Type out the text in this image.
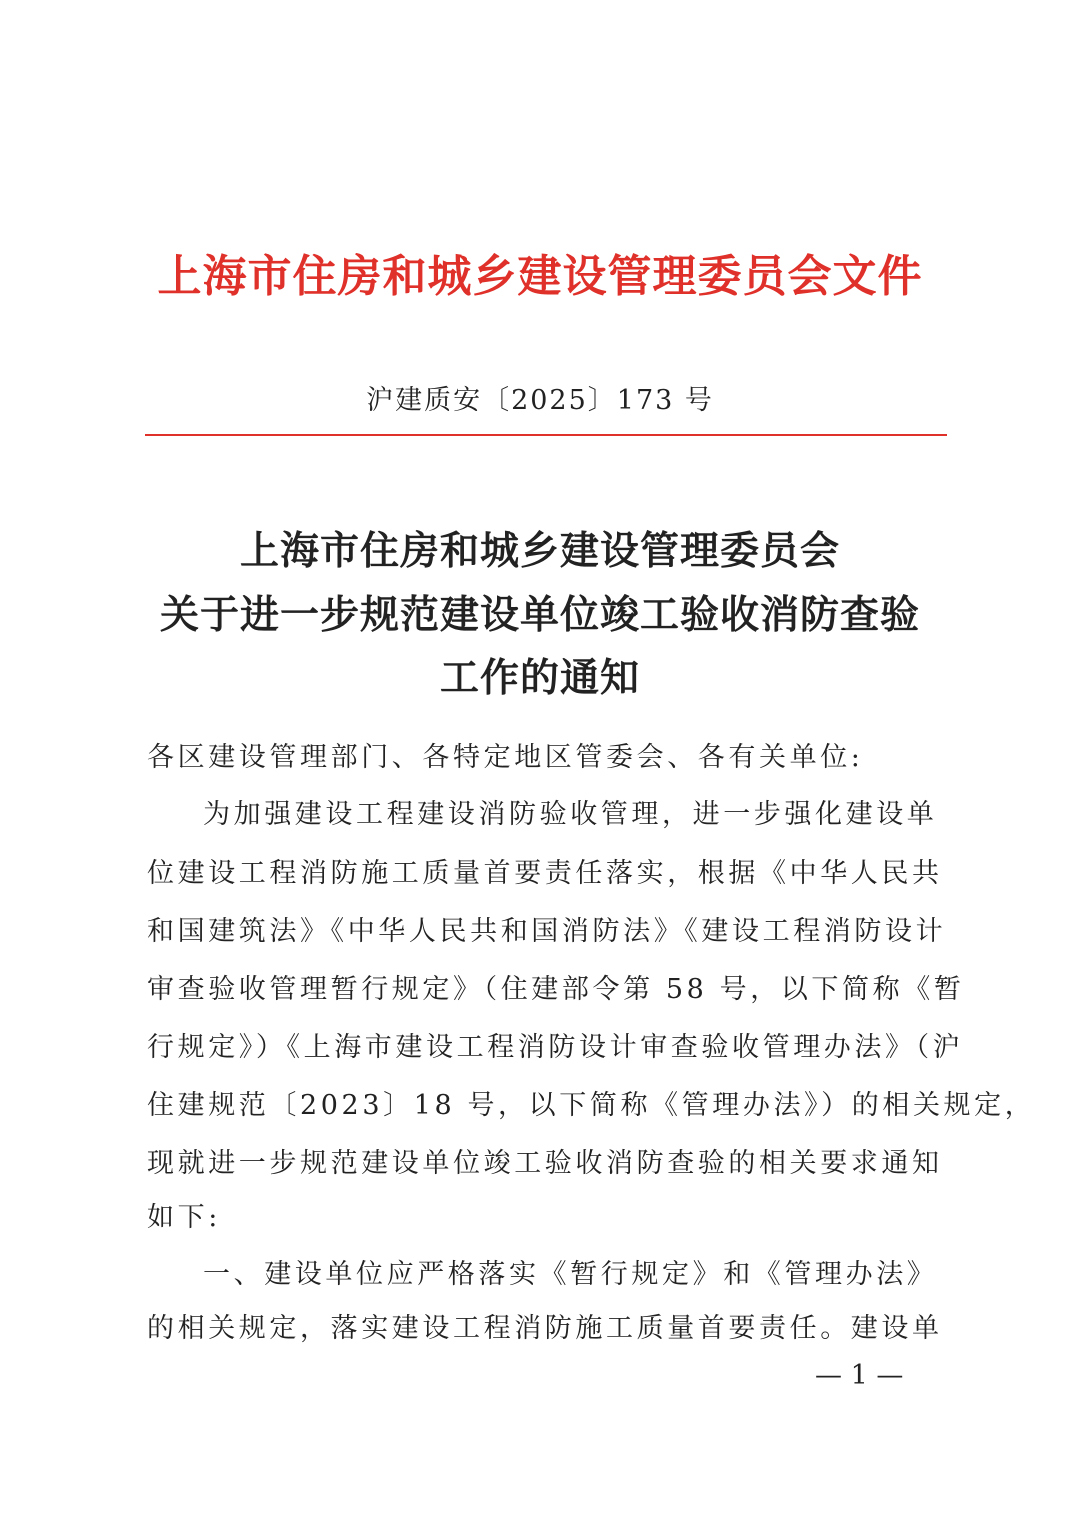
上海市住房和城乡建设管理委员会文件
沪建质安〔2025〕173 号
上海市住房和城乡建设管理委员会
关于进一步规范建设单位竣工验收消防查验
工作的通知
各区建设管理部门、各特定地区管委会、各有关单位:
为加强建设工程建设消防验收管理，进一步强化建设单
位建设工程消防施工质量首要责任落实，根据《中华人民共
和国建筑法》《中华人民共和国消防法》《建设工程消防设计
审查验收管理暂行规定》（住建部令第 58 号，以下简称《暂
行规定》）《上海市建设工程消防设计审查验收管理办法》（沪
住建规范〔2023〕18 号，以下简称《管理办法》）的相关规定，
现就进一步规范建设单位竣工验收消防查验的相关要求通知
如下:
一、建设单位应严格落实《暂行规定》和《管理办法》
的相关规定，落实建设工程消防施工质量首要责任。建设单
— 1 —
